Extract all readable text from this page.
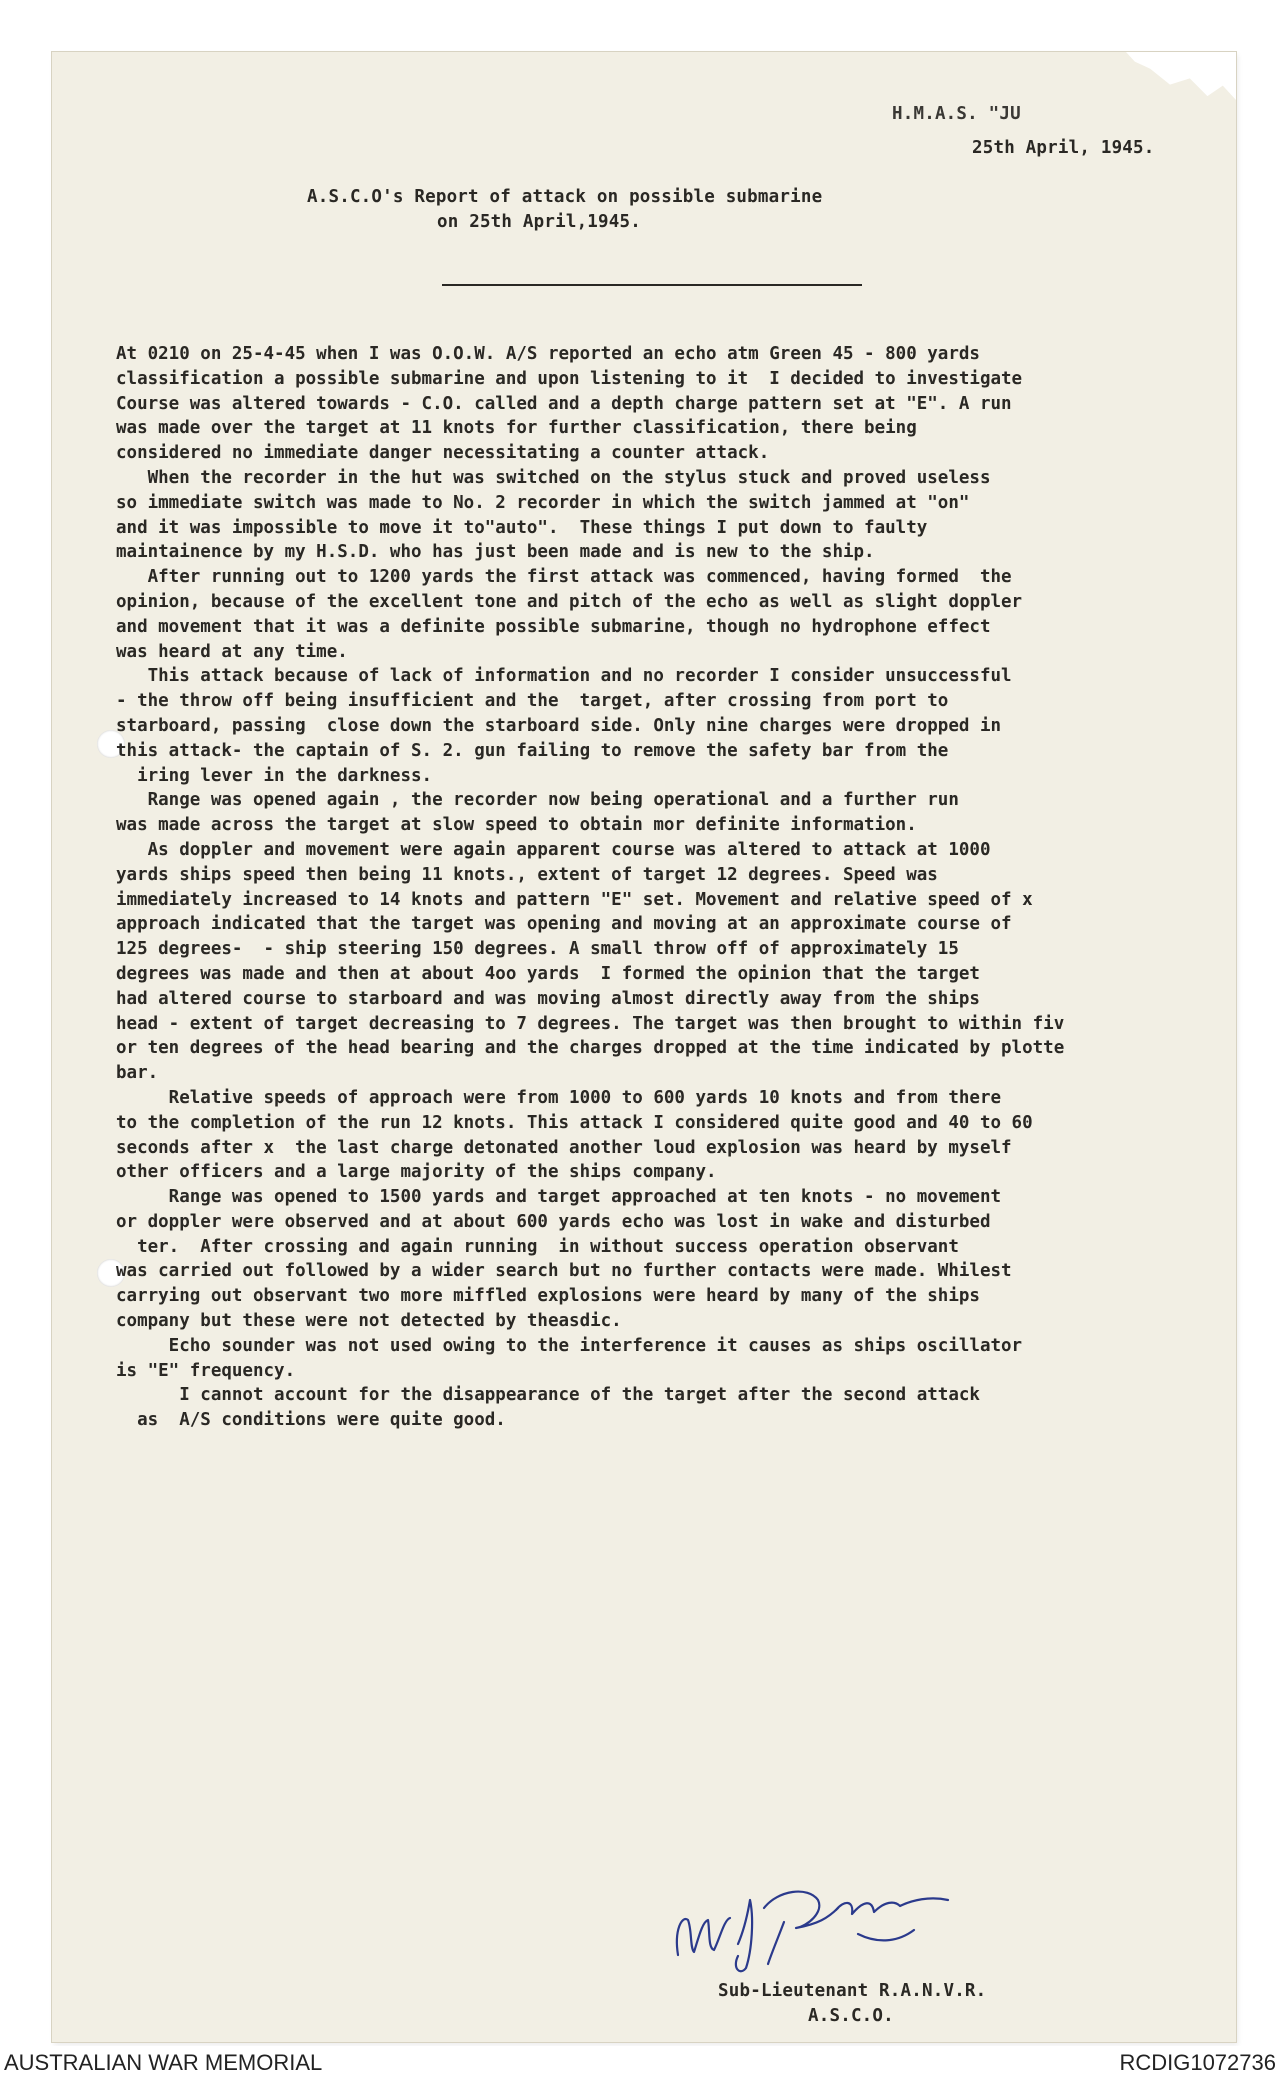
H.M.A.S. "JU
25th April, 1945.
A.S.C.O's Report of attack on possible submarine
on 25th April,1945.
At 0210 on 25-4-45 when I was O.O.W. A/S reported an echo atm Green 45 - 800 yards
classification a possible submarine and upon listening to it  I decided to investigate
Course was altered towards - C.O. called and a depth charge pattern set at "E". A run
was made over the target at 11 knots for further classification, there being
considered no immediate danger necessitating a counter attack.
When the recorder in the hut was switched on the stylus stuck and proved useless
so immediate switch was made to No. 2 recorder in which the switch jammed at "on"
and it was impossible to move it to"auto".  These things I put down to faulty
maintainence by my H.S.D. who has just been made and is new to the ship.
After running out to 1200 yards the first attack was commenced, having formed  the
opinion, because of the excellent tone and pitch of the echo as well as slight doppler
and movement that it was a definite possible submarine, though no hydrophone effect
was heard at any time.
This attack because of lack of information and no recorder I consider unsuccessful
- the throw off being insufficient and the  target, after crossing from port to
starboard, passing  close down the starboard side. Only nine charges were dropped in
this attack- the captain of S. 2. gun failing to remove the safety bar from the
iring lever in the darkness.
Range was opened again , the recorder now being operational and a further run
was made across the target at slow speed to obtain mor definite information.
As doppler and movement were again apparent course was altered to attack at 1000
yards ships speed then being 11 knots., extent of target 12 degrees. Speed was
immediately increased to 14 knots and pattern "E" set. Movement and relative speed of x
approach indicated that the target was opening and moving at an approximate course of
125 degrees-  - ship steering 150 degrees. A small throw off of approximately 15
degrees was made and then at about 4oo yards  I formed the opinion that the target
had altered course to starboard and was moving almost directly away from the ships
head - extent of target decreasing to 7 degrees. The target was then brought to within fiv
or ten degrees of the head bearing and the charges dropped at the time indicated by plotte
bar.
Relative speeds of approach were from 1000 to 600 yards 10 knots and from there
to the completion of the run 12 knots. This attack I considered quite good and 40 to 60
seconds after x  the last charge detonated another loud explosion was heard by myself
other officers and a large majority of the ships company.
Range was opened to 1500 yards and target approached at ten knots - no movement
or doppler were observed and at about 600 yards echo was lost in wake and disturbed
ter.  After crossing and again running  in without success operation observant
was carried out followed by a wider search but no further contacts were made. Whilest
carrying out observant two more miffled explosions were heard by many of the ships
company but these were not detected by theasdic.
Echo sounder was not used owing to the interference it causes as ships oscillator
is "E" frequency.
I cannot account for the disappearance of the target after the second attack
as  A/S conditions were quite good.
Sub-Lieutenant R.A.N.V.R.
A.S.C.O.
AUSTRALIAN WAR MEMORIAL	RCDIG1072736
